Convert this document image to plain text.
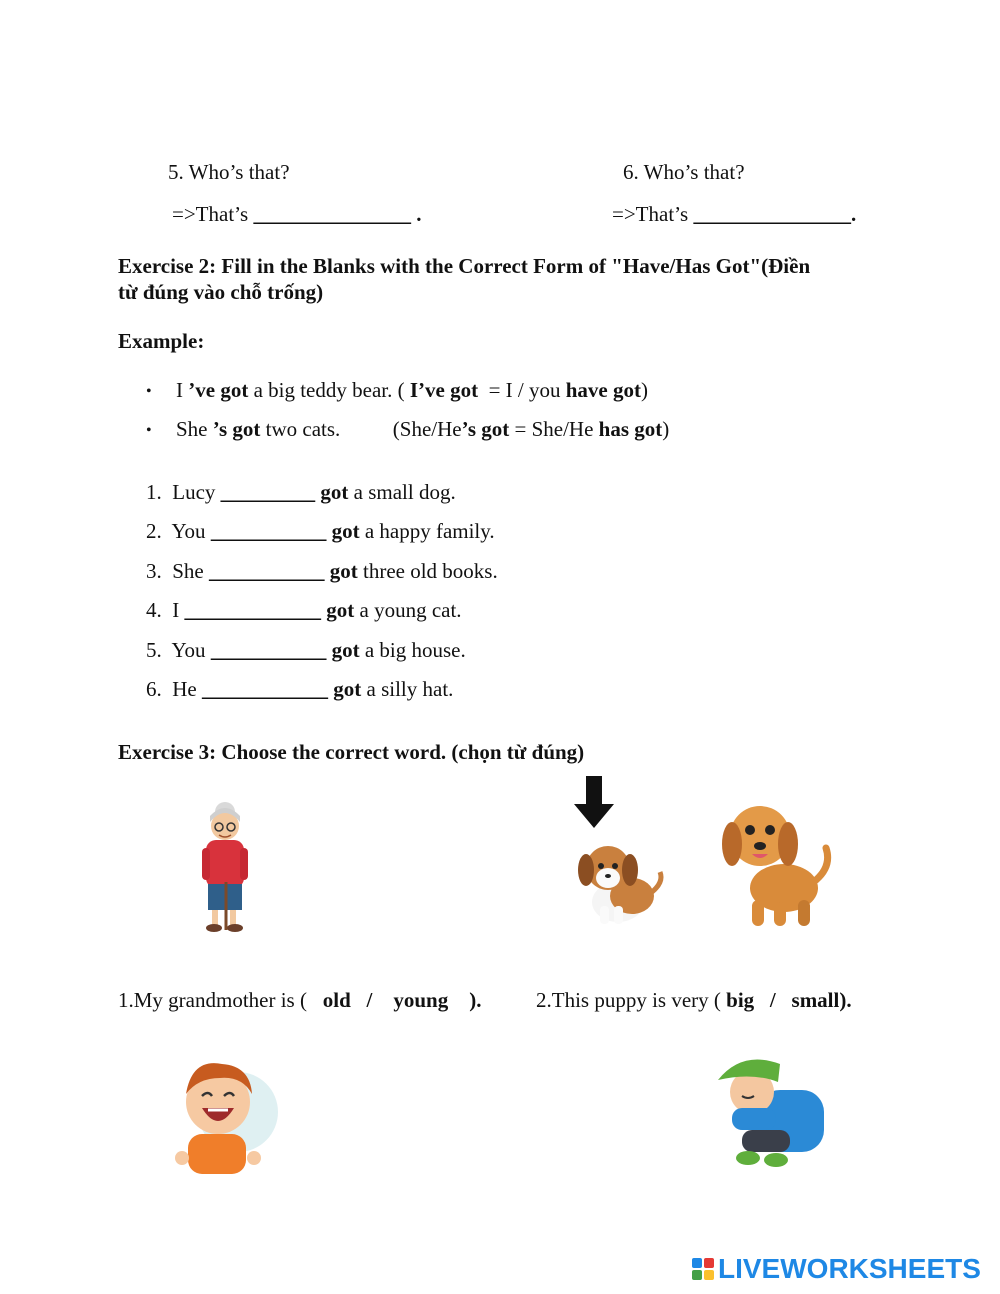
5. Who’s that?	6. Who’s that?
=>That’s _______________ .	=>That’s _______________.
Exercise 2: Fill in the Blanks with the Correct Form of "Have/Has Got"(Điền
từ đúng vào chỗ trống)
Example:
• I ’ve got a big teddy bear. ( I’ve got  = I / you have got)
• She ’s got two cats.          (She/He’s got = She/He has got)
1. Lucy _________ got a small dog.
2. You ___________ got a happy family.
3. She ___________ got three old books.
4. I _____________ got a young cat.
5. You ___________ got a big house.
6. He ____________ got a silly hat.
Exercise 3: Choose the correct word. (chọn từ đúng)
1.My grandmother is (   old   /    young    ). 2.This puppy is very ( big   /   small).
LIVEWORKSHEETS
